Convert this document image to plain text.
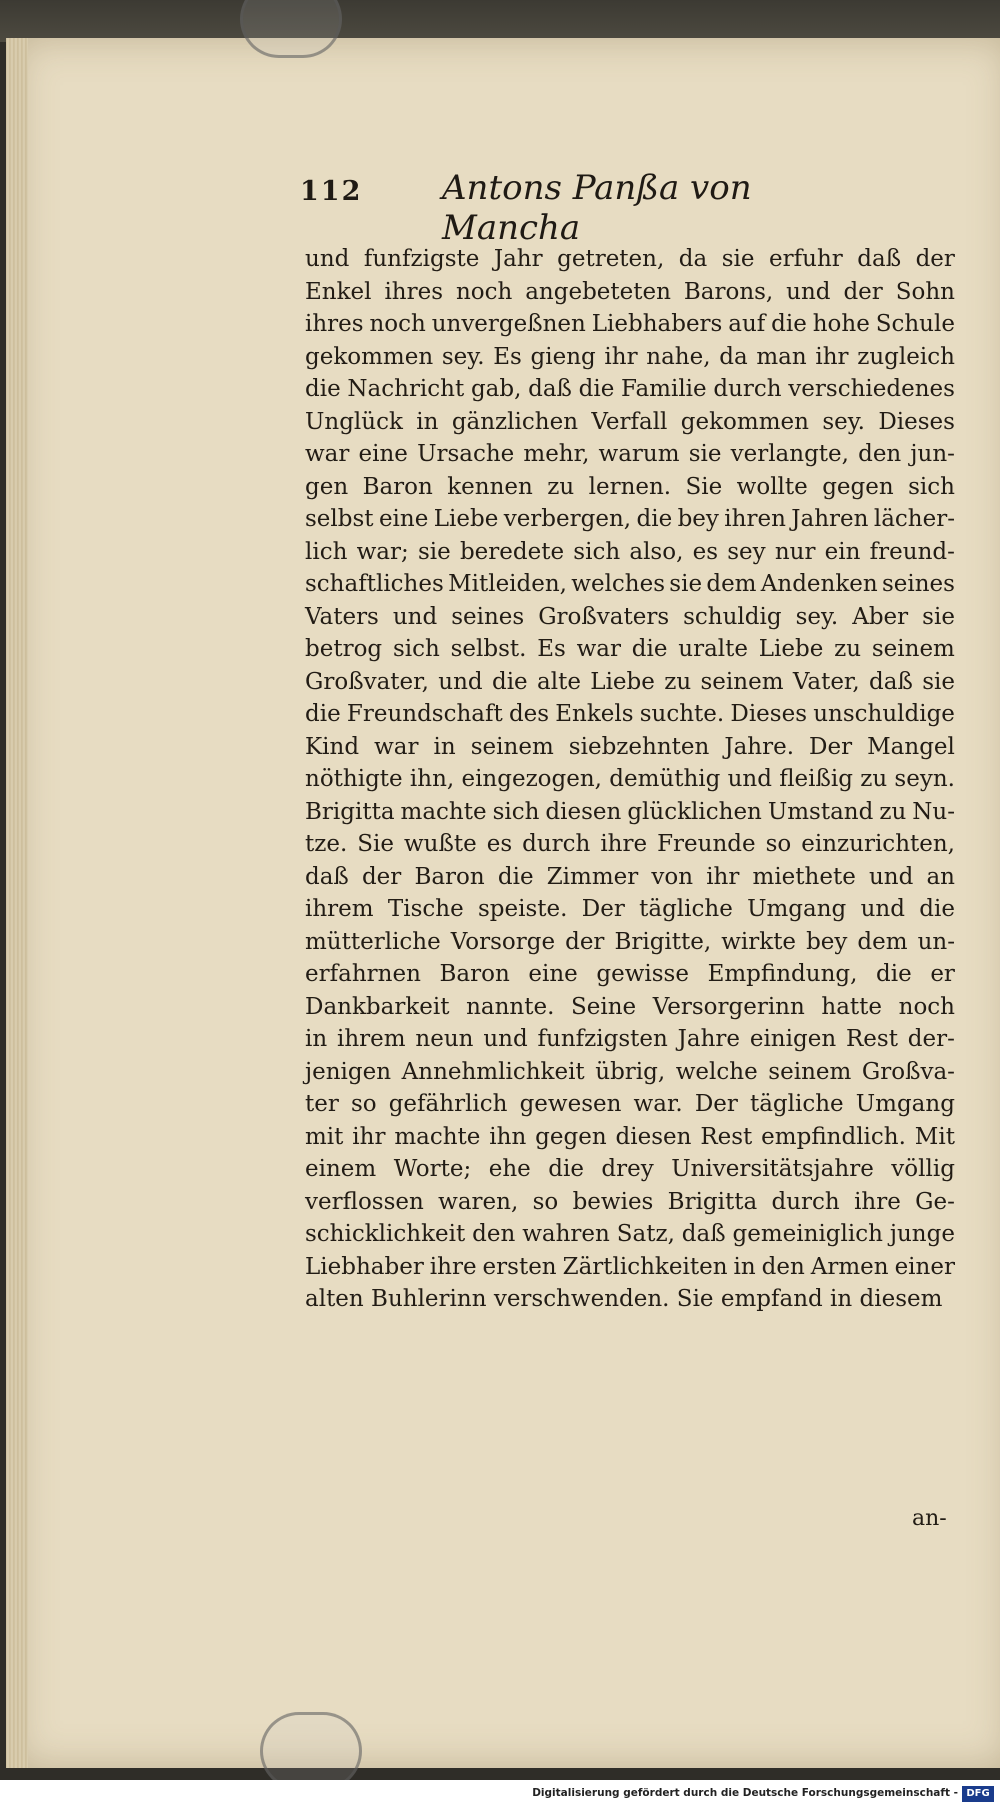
112 Antons Panßa von Mancha
und funfzigste Jahr getreten, da sie erfuhr daß der
Enkel ihres noch angebeteten Barons, und der Sohn
ihres noch unvergeßnen Liebhabers auf die hohe Schule
gekommen sey. Es gieng ihr nahe, da man ihr zugleich
die Nachricht gab, daß die Familie durch verschiedenes
Unglück in gänzlichen Verfall gekommen sey. Dieses
war eine Ursache mehr, warum sie verlangte, den jun-
gen Baron kennen zu lernen. Sie wollte gegen sich
selbst eine Liebe verbergen, die bey ihren Jahren lächer-
lich war; sie beredete sich also, es sey nur ein freund-
schaftliches Mitleiden, welches sie dem Andenken seines
Vaters und seines Großvaters schuldig sey. Aber sie
betrog sich selbst. Es war die uralte Liebe zu seinem
Großvater, und die alte Liebe zu seinem Vater, daß sie
die Freundschaft des Enkels suchte. Dieses unschuldige
Kind war in seinem siebzehnten Jahre. Der Mangel
nöthigte ihn, eingezogen, demüthig und fleißig zu seyn.
Brigitta machte sich diesen glücklichen Umstand zu Nu-
tze. Sie wußte es durch ihre Freunde so einzurichten,
daß der Baron die Zimmer von ihr miethete und an
ihrem Tische speiste. Der tägliche Umgang und die
mütterliche Vorsorge der Brigitte, wirkte bey dem un-
erfahrnen Baron eine gewisse Empfindung, die er
Dankbarkeit nannte. Seine Versorgerinn hatte noch
in ihrem neun und funfzigsten Jahre einigen Rest der-
jenigen Annehmlichkeit übrig, welche seinem Großva-
ter so gefährlich gewesen war. Der tägliche Umgang
mit ihr machte ihn gegen diesen Rest empfindlich. Mit
einem Worte; ehe die drey Universitätsjahre völlig
verflossen waren, so bewies Brigitta durch ihre Ge-
schicklichkeit den wahren Satz, daß gemeiniglich junge
Liebhaber ihre ersten Zärtlichkeiten in den Armen einer
alten Buhlerinn verschwenden. Sie empfand in diesem
an-
Digitalisierung gefördert durch die Deutsche Forschungsgemeinschaft - DFG
